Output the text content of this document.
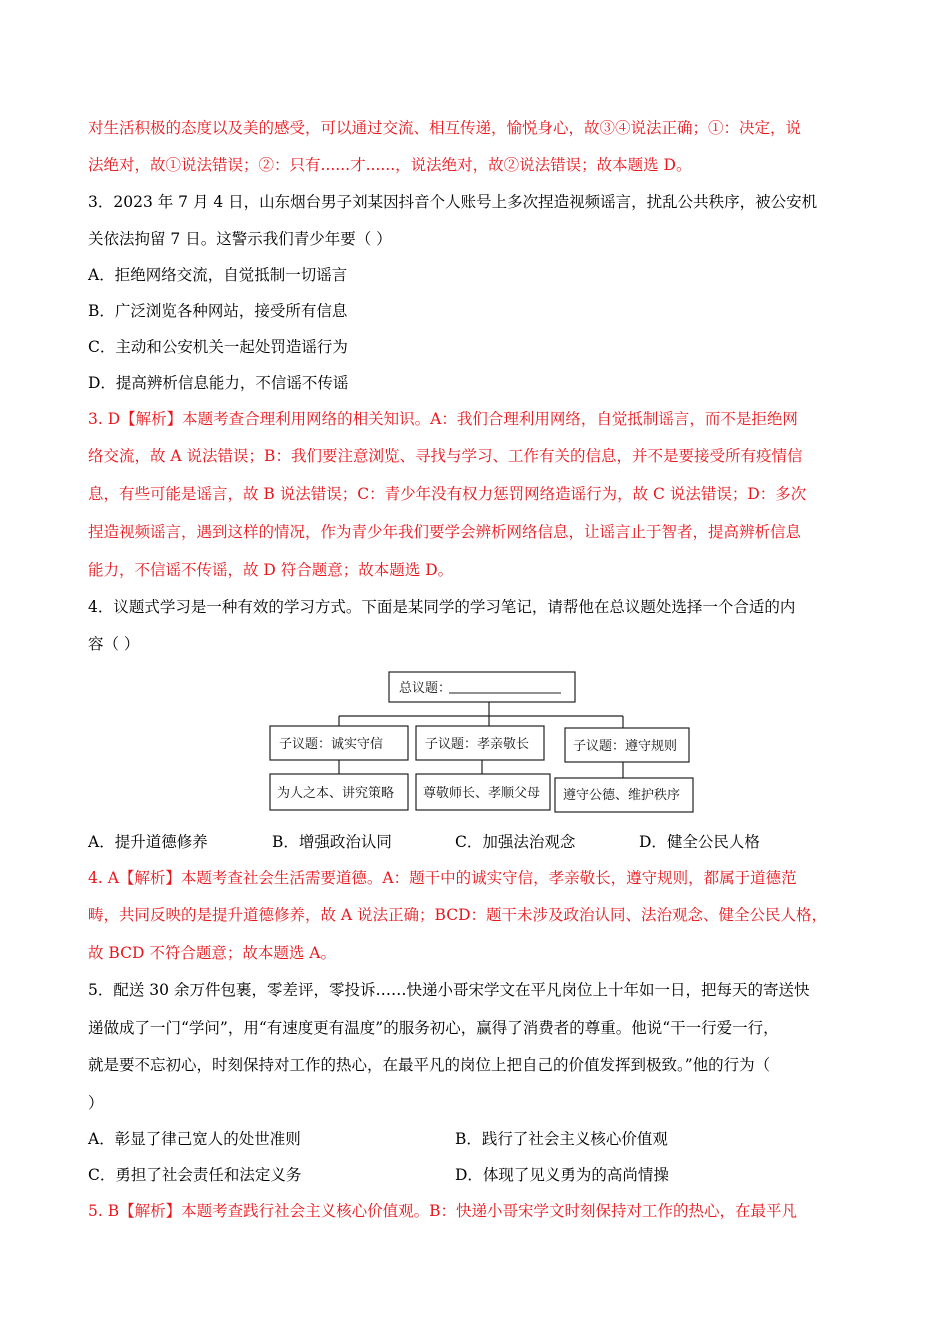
对生活积极的态度以及美的感受，可以通过交流、相互传递，愉悦身心，故③④说法正确；①：决定，说
法绝对，故①说法错误；②：只有......才......，说法绝对，故②说法错误；故本题选 D。
3．2023 年 7 月 4 日，山东烟台男子刘某因抖音个人账号上多次捏造视频谣言，扰乱公共秩序，被公安机
关依法拘留 7 日。这警示我们青少年要（ ）
A．拒绝网络交流，自觉抵制一切谣言
B．广泛浏览各种网站，接受所有信息
C．主动和公安机关一起处罚造谣行为
D．提高辨析信息能力，不信谣不传谣
3. D【解析】本题考查合理利用网络的相关知识。A：我们合理利用网络，自觉抵制谣言，而不是拒绝网
络交流，故 A 说法错误；B：我们要注意浏览、寻找与学习、工作有关的信息，并不是要接受所有疫情信
息，有些可能是谣言，故 B 说法错误；C：青少年没有权力惩罚网络造谣行为，故 C 说法错误；D：多次
捏造视频谣言，遇到这样的情况，作为青少年我们要学会辨析网络信息，让谣言止于智者，提高辨析信息
能力，不信谣不传谣，故 D 符合题意；故本题选 D。
4．议题式学习是一种有效的学习方式。下面是某同学的学习笔记，请帮他在总议题处选择一个合适的内
容（ ）
总议题：
子议题：诚实守信	子议题：孝亲敬长	子议题：遵守规则
为人之本、讲究策略 尊敬师长、孝顺父母 遵守公德、维护秩序
A．提升道德修养	B．增强政治认同	C．加强法治观念	D．健全公民人格
4. A【解析】本题考查社会生活需要道德。A：题干中的诚实守信，孝亲敬长，遵守规则，都属于道德范
畴，共同反映的是提升道德修养，故 A 说法正确；BCD：题干未涉及政治认同、法治观念、健全公民人格，
故 BCD 不符合题意；故本题选 A。
5．配送 30 余万件包裹，零差评，零投诉……快递小哥宋学文在平凡岗位上十年如一日，把每天的寄送快
递做成了一门“学问”，用“有速度更有温度”的服务初心，赢得了消费者的尊重。他说“干一行爱一行，
就是要不忘初心，时刻保持对工作的热心，在最平凡的岗位上把自己的价值发挥到极致。”他的行为（
）
A．彰显了律己宽人的处世准则	B．践行了社会主义核心价值观
C．勇担了社会责任和法定义务	D．体现了见义勇为的高尚情操
5. B【解析】本题考查践行社会主义核心价值观。B：快递小哥宋学文时刻保持对工作的热心，在最平凡
